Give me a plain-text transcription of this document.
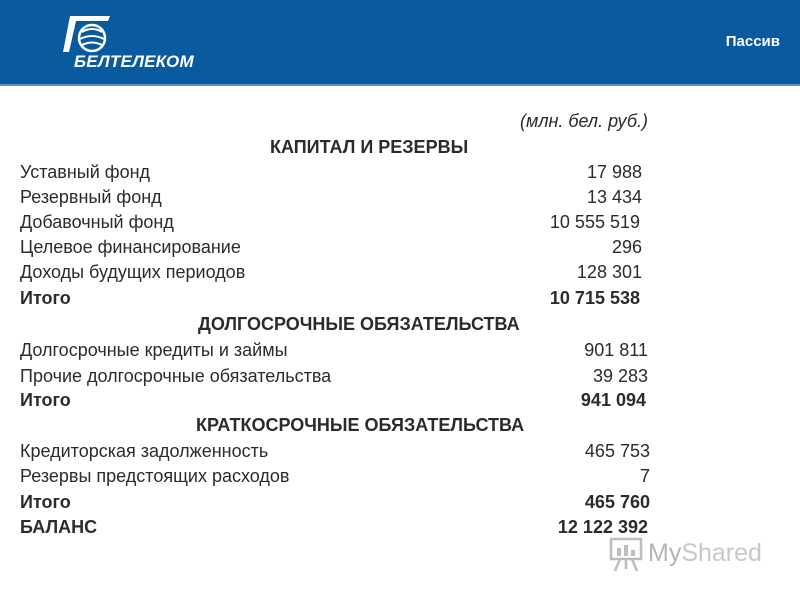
БЕЛТЕЛЕКОМ
Пассив
(млн. бел. руб.)
КАПИТАЛ И РЕЗЕРВЫ
Уставный фонд	17 988
Резервный фонд	13 434
Добавочный фонд	10 555 519
Целевое финансирование	296
Доходы будущих периодов	128 301
Итого	10 715 538
ДОЛГОСРОЧНЫЕ ОБЯЗАТЕЛЬСТВА
Долгосрочные кредиты и займы	901 811
Прочие долгосрочные обязательства	39 283
Итого	941 094
КРАТКОСРОЧНЫЕ ОБЯЗАТЕЛЬСТВА
Кредиторская задолженность	465 753
Резервы предстоящих расходов	7
Итого	465 760
БАЛАНС	12 122 392
MyShared
